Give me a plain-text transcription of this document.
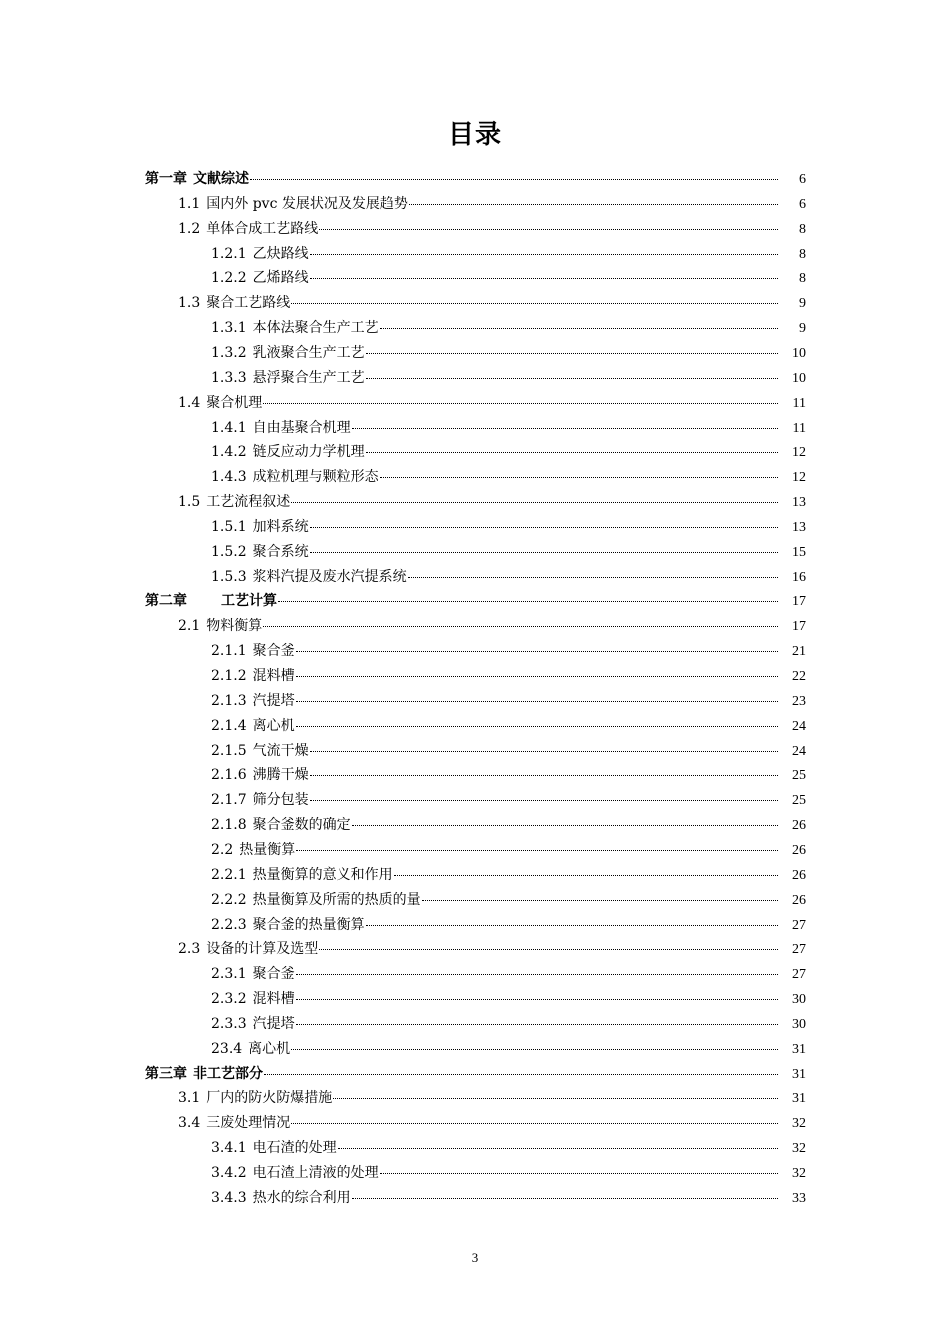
目录
第一章 文献综述	6
1.1 国内外 pvc 发展状况及发展趋势	6
1.2 单体合成工艺路线	8
1.2.1 乙炔路线	8
1.2.2 乙烯路线	8
1.3 聚合工艺路线	9
1.3.1 本体法聚合生产工艺	9
1.3.2 乳液聚合生产工艺	10
1.3.3 悬浮聚合生产工艺	10
1.4 聚合机理	11
1.4.1 自由基聚合机理	11
1.4.2 链反应动力学机理	12
1.4.3 成粒机理与颗粒形态	12
1.5 工艺流程叙述	13
1.5.1 加料系统	13
1.5.2 聚合系统	15
1.5.3 浆料汽提及废水汽提系统	16
第二章 工艺计算	17
2.1 物料衡算	17
2.1.1 聚合釜	21
2.1.2 混料槽	22
2.1.3 汽提塔	23
2.1.4 离心机	24
2.1.5 气流干燥	24
2.1.6 沸腾干燥	25
2.1.7 筛分包装	25
2.1.8 聚合釜数的确定	26
2.2 热量衡算	26
2.2.1 热量衡算的意义和作用	26
2.2.2 热量衡算及所需的热质的量	26
2.2.3 聚合釜的热量衡算	27
2.3 设备的计算及选型	27
2.3.1 聚合釜	27
2.3.2 混料槽	30
2.3.3 汽提塔	30
23.4 离心机	31
第三章 非工艺部分	31
3.1 厂内的防火防爆措施	31
3.4 三废处理情况	32
3.4.1 电石渣的处理	32
3.4.2 电石渣上清液的处理	32
3.4.3 热水的综合利用	33
3
